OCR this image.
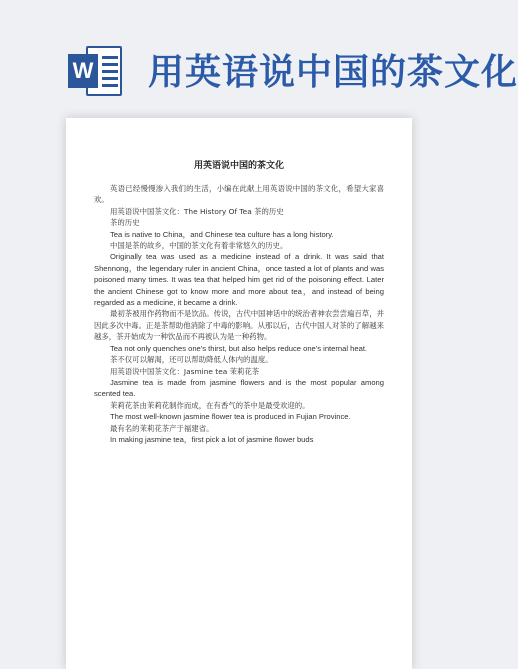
W 用英语说中国的茶文化
用英语说中国的茶文化

英语已经慢慢渗入我们的生活，小编在此献上用英语说中国的茶文化，希望大家喜欢。

用英语说中国茶文化：The History Of Tea 茶的历史

茶的历史

Tea is native to China，and Chinese tea culture has a long history.

中国是茶的故乡，中国的茶文化有着非常悠久的历史。

Originally tea was used as a medicine instead of a drink. It was said that Shennong，the legendary ruler in ancient China，once tasted a lot of plants and was poisoned many times. It was tea that helped him get rid of the poisoning effect. Later the ancient Chinese got to know more and more about tea，and instead of being regarded as a medicine, it became a drink.

最初茶被用作药物而不是饮品。传说，古代中国神话中的统治者神农尝尝遍百草，并因此多次中毒。正是茶帮助他消除了中毒的影响。从那以后，古代中国人对茶的了解越来越多，茶开始成为一种饮品而不再被认为是一种药物。

Tea not only quenches one's thirst, but also helps reduce one's internal heat.

茶不仅可以解渴，还可以帮助降低人体内的温度。

用英语说中国茶文化：Jasmine tea 茉莉花茶

Jasmine tea is made from jasmine flowers and is the most popular among scented tea.

茉莉花茶由茉莉花制作而成，在有香气的茶中是最受欢迎的。

The most well-known jasmine flower tea is produced in Fujian Province.

最有名的茉莉花茶产于福建省。

In making jasmine tea，first pick a lot of jasmine flower buds
